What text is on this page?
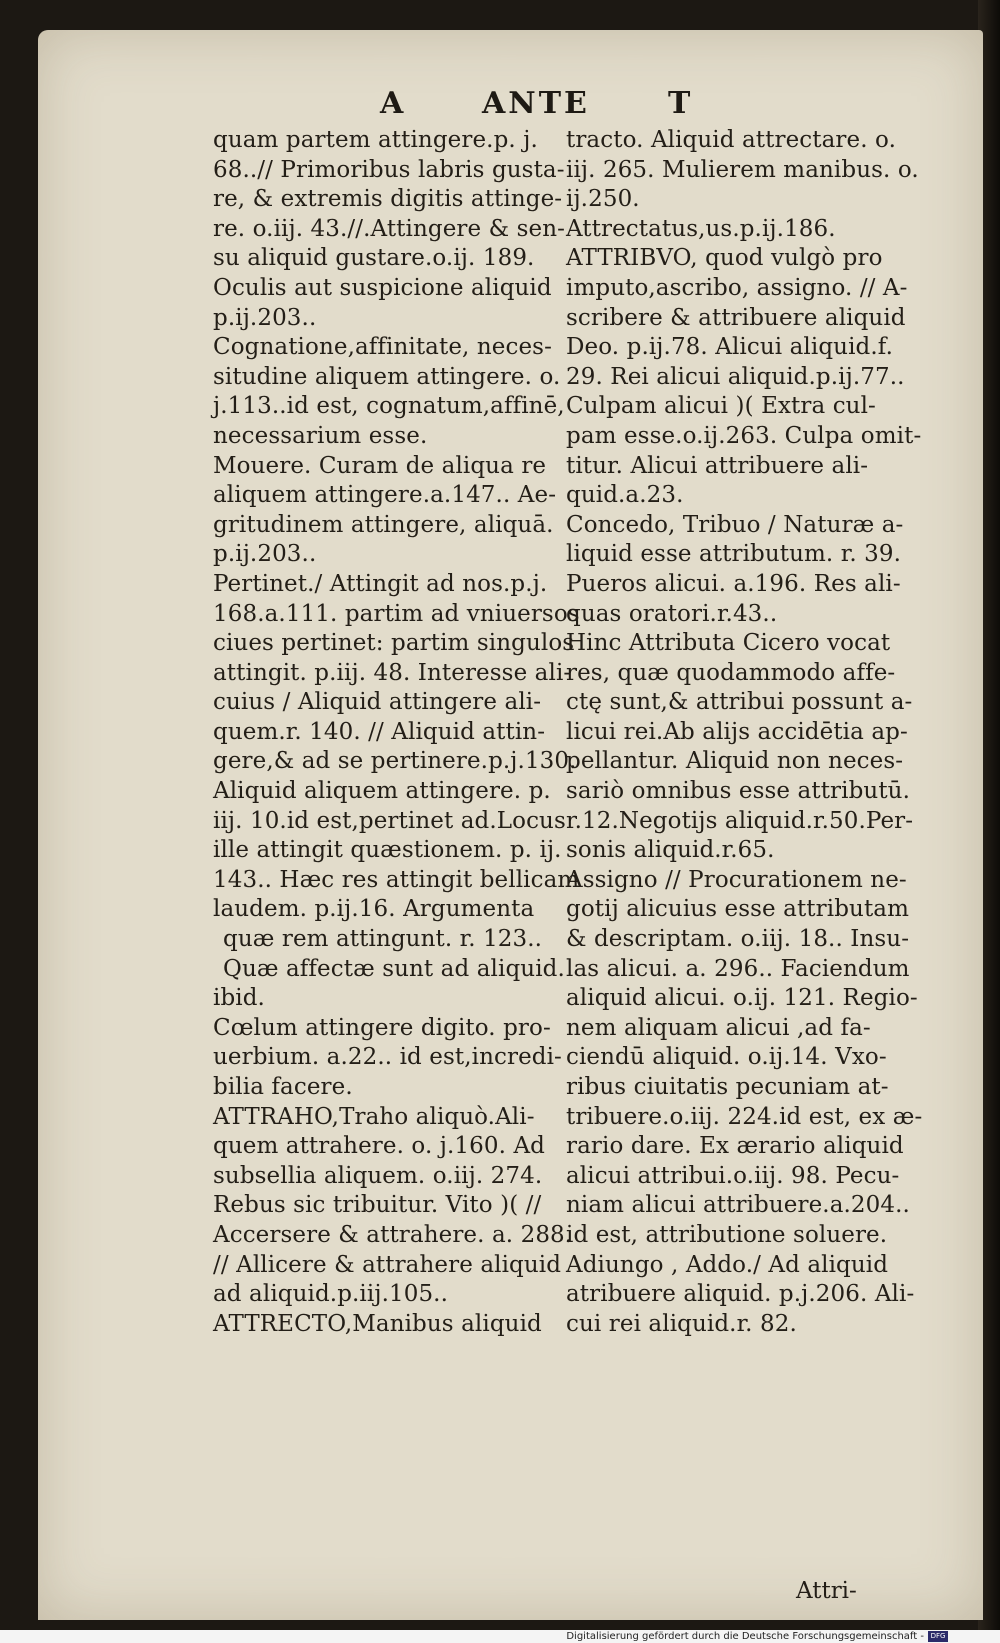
A	ANTE	T
quam partem attingere.p. j.
68..// Primoribus labris gusta-
re, & extremis digitis attinge-
re. o.iij. 43.//.Attingere & sen-
su aliquid gustare.o.ij. 189.
Oculis aut suspicione aliquid
p.ij.203..
Cognatione,affinitate, neces-
situdine aliquem attingere. o.
j.113..id est, cognatum,affinē,
necessarium esse.
Mouere. Curam de aliqua re
aliquem attingere.a.147.. Ae-
gritudinem attingere, aliquā.
p.ij.203..
Pertinet./ Attingit ad nos.p.j.
168.a.111. partim ad vniuersos
ciues pertinet: partim singulos
attingit. p.iij. 48. Interesse ali-
cuius / Aliquid attingere ali-
quem.r. 140. // Aliquid attin-
gere,& ad se pertinere.p.j.130.
Aliquid aliquem attingere. p.
iij. 10.id est,pertinet ad.Locus
ille attingit quæstionem. p. ij.
143.. Hæc res attingit bellicam
laudem. p.ij.16. Argumenta
quæ rem attingunt. r. 123..
Quæ affectæ sunt ad aliquid.
ibid.
Cœlum attingere digito. pro-
uerbium. a.22.. id est,incredi-
bilia facere.
ATTRAHO,Traho aliquò.Ali-
quem attrahere. o. j.160. Ad
subsellia aliquem. o.iij. 274.
Rebus sic tribuitur. Vito )( //
Accersere & attrahere. a. 288.
// Allicere & attrahere aliquid
ad aliquid.p.iij.105..
ATTRECTO,Manibus aliquid
tracto. Aliquid attrectare. o.
iij. 265. Mulierem manibus. o.
ij.250.
Attrectatus,us.p.ij.186.
ATTRIBVO, quod vulgò pro
imputo,ascribo, assigno. // A-
scribere & attribuere aliquid
Deo. p.ij.78. Alicui aliquid.f.
29. Rei alicui aliquid.p.ij.77..
Culpam alicui )( Extra cul-
pam esse.o.ij.263. Culpa omit-
titur. Alicui attribuere ali-
quid.a.23.
Concedo, Tribuo / Naturæ a-
liquid esse attributum. r. 39.
Pueros alicui. a.196. Res ali-
quas oratori.r.43..
Hinc Attributa Cicero vocat
res, quæ quodammodo affe-
ctę sunt,& attribui possunt a-
licui rei.Ab alijs accidētia ap-
pellantur. Aliquid non neces-
sariò omnibus esse attributū.
r.12.Negotijs aliquid.r.50.Per-
sonis aliquid.r.65.
Assigno // Procurationem ne-
gotij alicuius esse attributam
& descriptam. o.iij. 18.. Insu-
las alicui. a. 296.. Faciendum
aliquid alicui. o.ij. 121. Regio-
nem aliquam alicui ,ad fa-
ciendū aliquid. o.ij.14. Vxo-
ribus ciuitatis pecuniam at-
tribuere.o.iij. 224.id est, ex æ-
rario dare. Ex ærario aliquid
alicui attribui.o.iij. 98. Pecu-
niam alicui attribuere.a.204..
id est, attributione soluere.
Adiungo , Addo./ Ad aliquid
atribuere aliquid. p.j.206. Ali-
cui rei aliquid.r. 82.
Attri-
Digitalisierung gefördert durch die Deutsche Forschungsgemeinschaft - DFG
